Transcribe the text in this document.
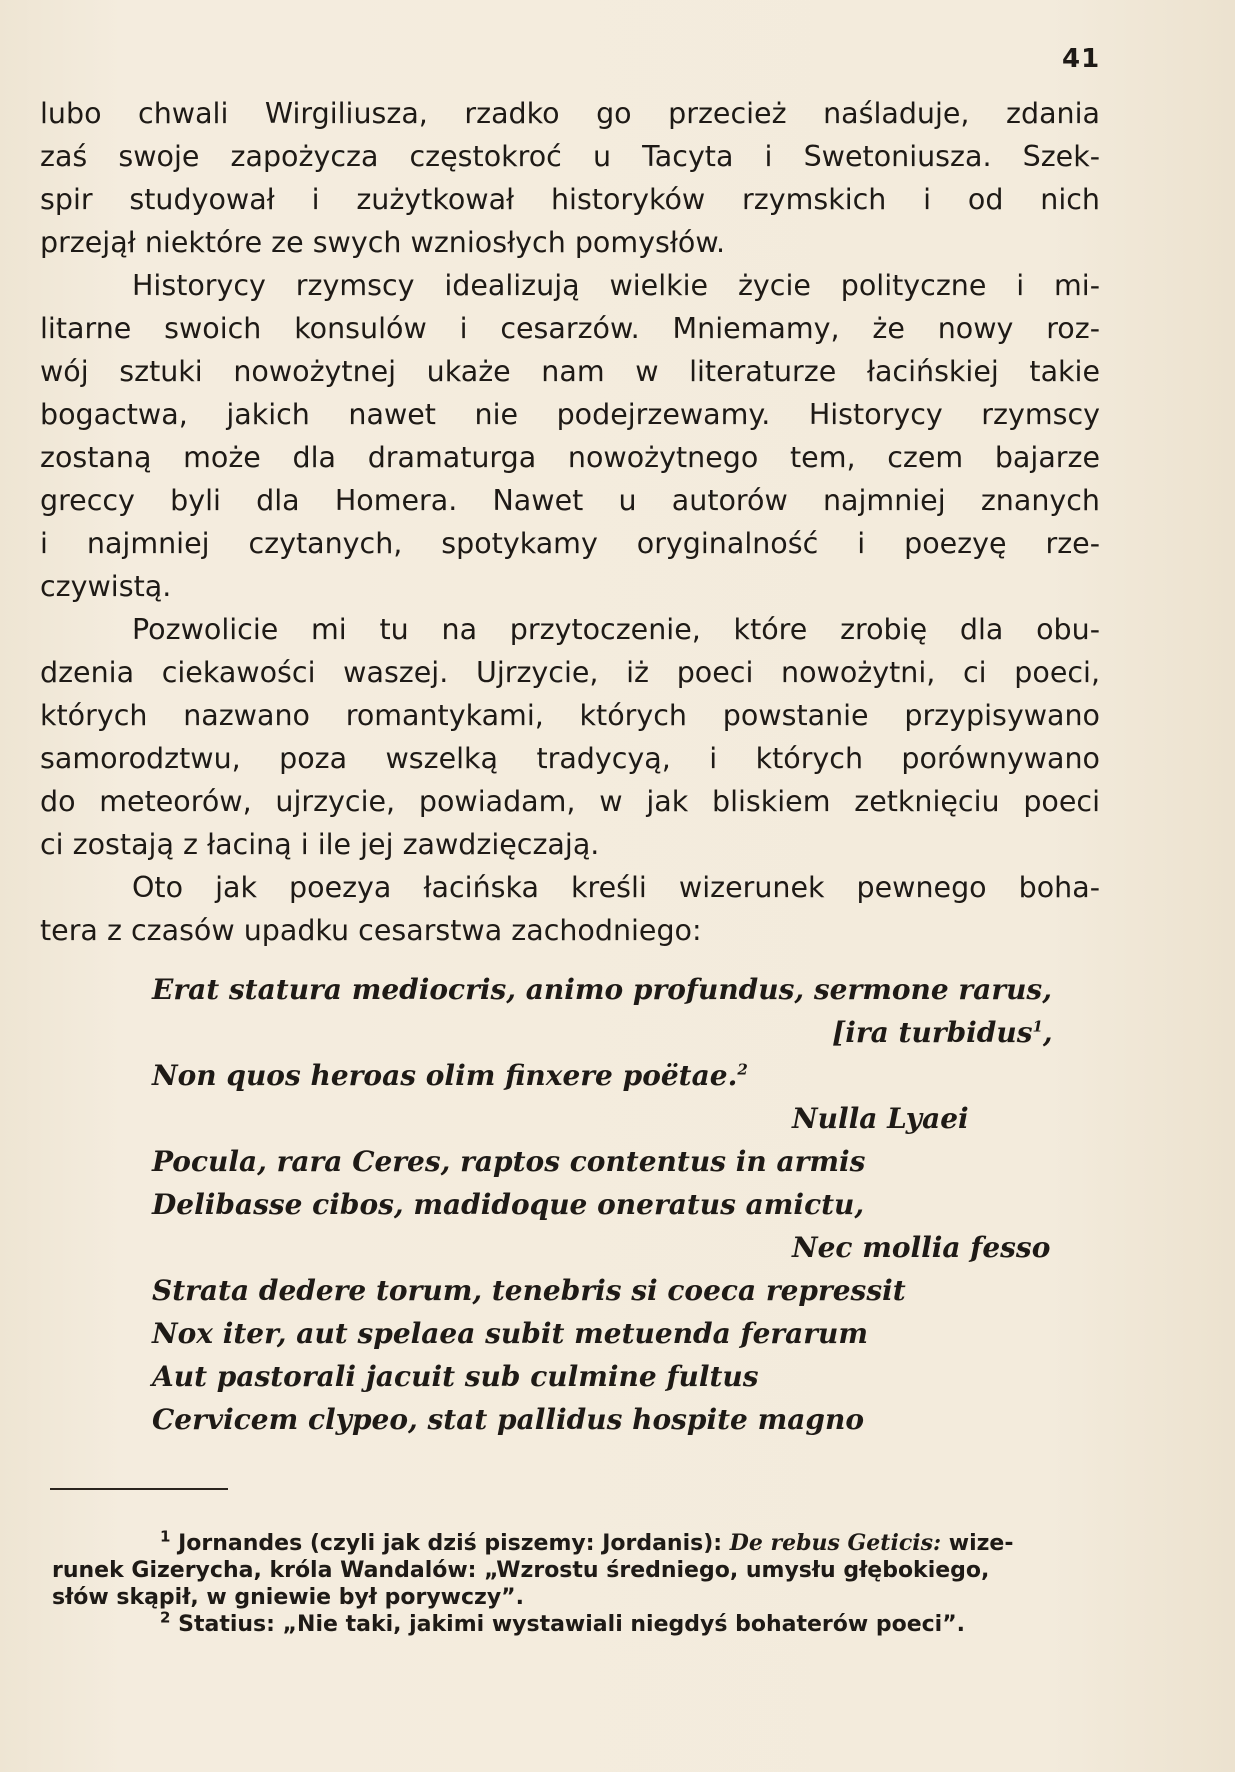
41
lubo chwali Wirgiliusza, rzadko go przecież naśladuje, zdania
zaś swoje zapożycza częstokroć u Tacyta i Swetoniusza. Szek-
spir studyował i zużytkował historyków rzymskich i od nich
przejął niektóre ze swych wzniosłych pomysłów.
Historycy rzymscy idealizują wielkie życie polityczne i mi-
litarne swoich konsulów i cesarzów. Mniemamy, że nowy roz-
wój sztuki nowożytnej ukaże nam w literaturze łacińskiej takie
bogactwa, jakich nawet nie podejrzewamy. Historycy rzymscy
zostaną może dla dramaturga nowożytnego tem, czem bajarze
greccy byli dla Homera. Nawet u autorów najmniej znanych
i najmniej czytanych, spotykamy oryginalność i poezyę rze-
czywistą.
Pozwolicie mi tu na przytoczenie, które zrobię dla obu-
dzenia ciekawości waszej. Ujrzycie, iż poeci nowożytni, ci poeci,
których nazwano romantykami, których powstanie przypisywano
samorodztwu, poza wszelką tradycyą, i których porównywano
do meteorów, ujrzycie, powiadam, w jak bliskiem zetknięciu poeci
ci zostają z łaciną i ile jej zawdzięczają.
Oto jak poezya łacińska kreśli wizerunek pewnego boha-
tera z czasów upadku cesarstwa zachodniego:
Erat statura mediocris, animo profundus, sermone rarus,
[ira turbidus$^1$,
Non quos heroas olim finxere poëtae.$^2$
Nulla Lyaei
Pocula, rara Ceres, raptos contentus in armis
Delibasse cibos, madidoque oneratus amictu,
Nec mollia fesso
Strata dedere torum, tenebris si coeca repressit
Nox iter, aut spelaea subit metuenda ferarum
Aut pastorali jacuit sub culmine fultus
Cervicem clypeo, stat pallidus hospite magno
$^1$ Jornandes (czyli jak dziś piszemy: Jordanis): De rebus Geticis: wize-
runek Gizerycha, króla Wandalów: „Wzrostu średniego, umysłu głębokiego,
słów skąpił, w gniewie był porywczy”.
$^2$ Statius: „Nie taki, jakimi wystawiali niegdyś bohaterów poeci”.
